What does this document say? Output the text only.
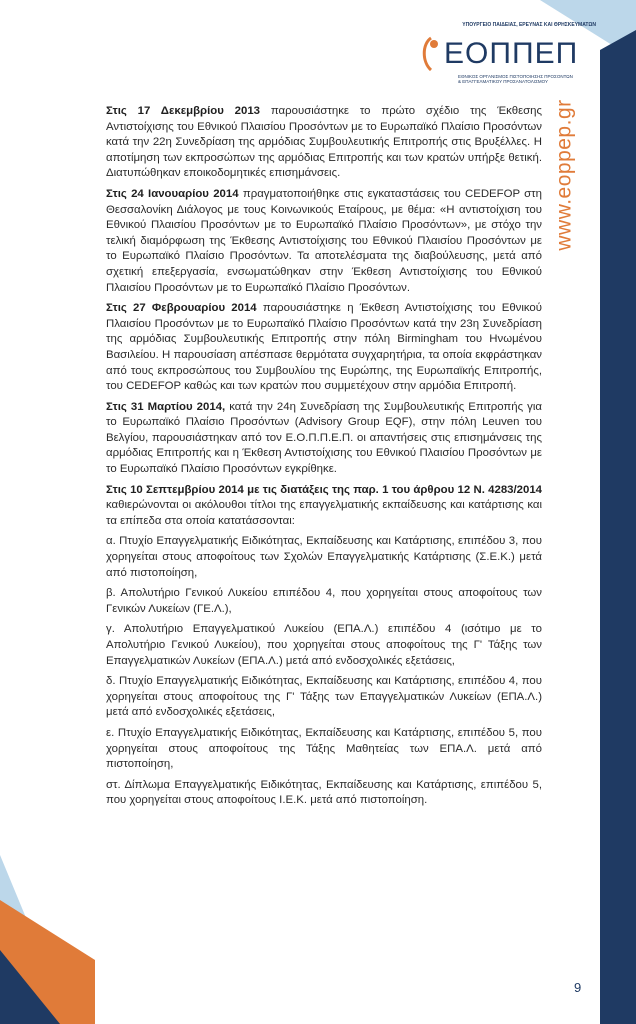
ΥΠΟΥΡΓΕΙΟ ΠΑΙΔΕΙΑΣ, ΕΡΕΥΝΑΣ ΚΑΙ ΘΡΗΣΚΕΥΜΑΤΩΝ
ΕΟΠΠΕΠ
ΕΘΝΙΚΟΣ ΟΡΓΑΝΙΣΜΟΣ ΠΙΣΤΟΠΟΙΗΣΗΣ ΠΡΟΣΟΝΤΩΝ
& ΕΠΑΓΓΕΛΜΑΤΙΚΟΥ ΠΡΟΣΑΝΑΤΟΛΙΣΜΟΥ
www.eoppep.gr

Στις 17 Δεκεμβρίου 2013 παρουσιάστηκε το πρώτο σχέδιο της Έκθεσης Αντιστοίχισης του Εθνικού Πλαισίου Προσόντων με το Ευρωπαϊκό Πλαίσιο Προσόντων κατά την 22η Συνεδρίαση της αρμόδιας Συμβουλευτικής Επιτροπής στις Βρυξέλλες. Η αποτίμηση των εκπροσώπων της αρμόδιας Επιτροπής και των κρατών υπήρξε θετική. Διατυπώθηκαν εποικοδομητικές επισημάνσεις.

Στις 24 Ιανουαρίου 2014 πραγματοποιήθηκε στις εγκαταστάσεις του CEDEFOP στη Θεσσαλονίκη Διάλογος με τους Κοινωνικούς Εταίρους, με θέμα: «Η αντιστοίχιση του Εθνικού Πλαισίου Προσόντων με το Ευρωπαϊκό Πλαίσιο Προσόντων», με στόχο την τελική διαμόρφωση της Έκθεσης Αντιστοίχισης του Εθνικού Πλαισίου Προσόντων με το Ευρωπαϊκό Πλαίσιο Προσόντων. Τα αποτελέσματα της διαβούλευσης, μετά από σχετική επεξεργασία, ενσωματώθηκαν στην Έκθεση Αντιστοίχισης του Εθνικού Πλαισίου Προσόντων με το Ευρωπαϊκό Πλαίσιο Προσόντων.

Στις 27 Φεβρουαρίου 2014 παρουσιάστηκε η Έκθεση Αντιστοίχισης του Εθνικού Πλαισίου Προσόντων με το Ευρωπαϊκό Πλαίσιο Προσόντων κατά την 23η Συνεδρίαση της αρμόδιας Συμβουλευτικής Επιτροπής στην πόλη Birmingham του Ηνωμένου Βασιλείου. Η παρουσίαση απέσπασε θερμότατα συγχαρητήρια, τα οποία εκφράστηκαν από τους εκπροσώπους του Συμβουλίου της Ευρώπης, της Ευρωπαϊκής Επιτροπής, του CEDEFOP καθώς και των κρατών που συμμετέχουν στην αρμόδια Επιτροπή.

Στις 31 Μαρτίου 2014, κατά την 24η Συνεδρίαση της Συμβουλευτικής Επιτροπής για το Ευρωπαϊκό Πλαίσιο Προσόντων (Advisory Group EQF), στην πόλη Leuven του Βελγίου, παρουσιάστηκαν από τον Ε.Ο.Π.Π.Ε.Π. οι απαντήσεις στις επισημάνσεις της αρμόδιας Επιτροπής και η Έκθεση Αντιστοίχισης του Εθνικού Πλαισίου Προσόντων με το Ευρωπαϊκό Πλαίσιο Προσόντων εγκρίθηκε.

Στις 10 Σεπτεμβρίου 2014 με τις διατάξεις της παρ. 1 του άρθρου 12 Ν. 4283/2014 καθιερώνονται οι ακόλουθοι τίτλοι της επαγγελματικής εκπαίδευσης και κατάρτισης και τα επίπεδα στα οποία κατατάσσονται:

α. Πτυχίο Επαγγελματικής Ειδικότητας, Εκπαίδευσης και Κατάρτισης, επιπέδου 3, που χορηγείται στους αποφοίτους των Σχολών Επαγγελματικής Κατάρτισης (Σ.Ε.Κ.) μετά από πιστοποίηση,

β. Απολυτήριο Γενικού Λυκείου επιπέδου 4, που χορηγείται στους αποφοίτους των Γενικών Λυκείων (ΓΕ.Λ.),

γ. Απολυτήριο Επαγγελματικού Λυκείου (ΕΠΑ.Λ.) επιπέδου 4 (ισότιμο με το Απολυτήριο Γενικού Λυκείου), που χορηγείται στους αποφοίτους της Γ' Τάξης των Επαγγελματικών Λυκείων (ΕΠΑ.Λ.) μετά από ενδοσχολικές εξετάσεις,

δ. Πτυχίο Επαγγελματικής Ειδικότητας, Εκπαίδευσης και Κατάρτισης, επιπέδου 4, που χορηγείται στους αποφοίτους της Γ' Τάξης των Επαγγελματικών Λυκείων (ΕΠΑ.Λ.) μετά από ενδοσχολικές εξετάσεις,

ε. Πτυχίο Επαγγελματικής Ειδικότητας, Εκπαίδευσης και Κατάρτισης, επιπέδου 5, που χορηγείται στους αποφοίτους της Τάξης Μαθητείας των ΕΠΑ.Λ. μετά από πιστοποίηση,

στ. Δίπλωμα Επαγγελματικής Ειδικότητας, Εκπαίδευσης και Κατάρτισης, επιπέδου 5, που χορηγείται στους αποφοίτους Ι.Ε.Κ. μετά από πιστοποίηση.

9
